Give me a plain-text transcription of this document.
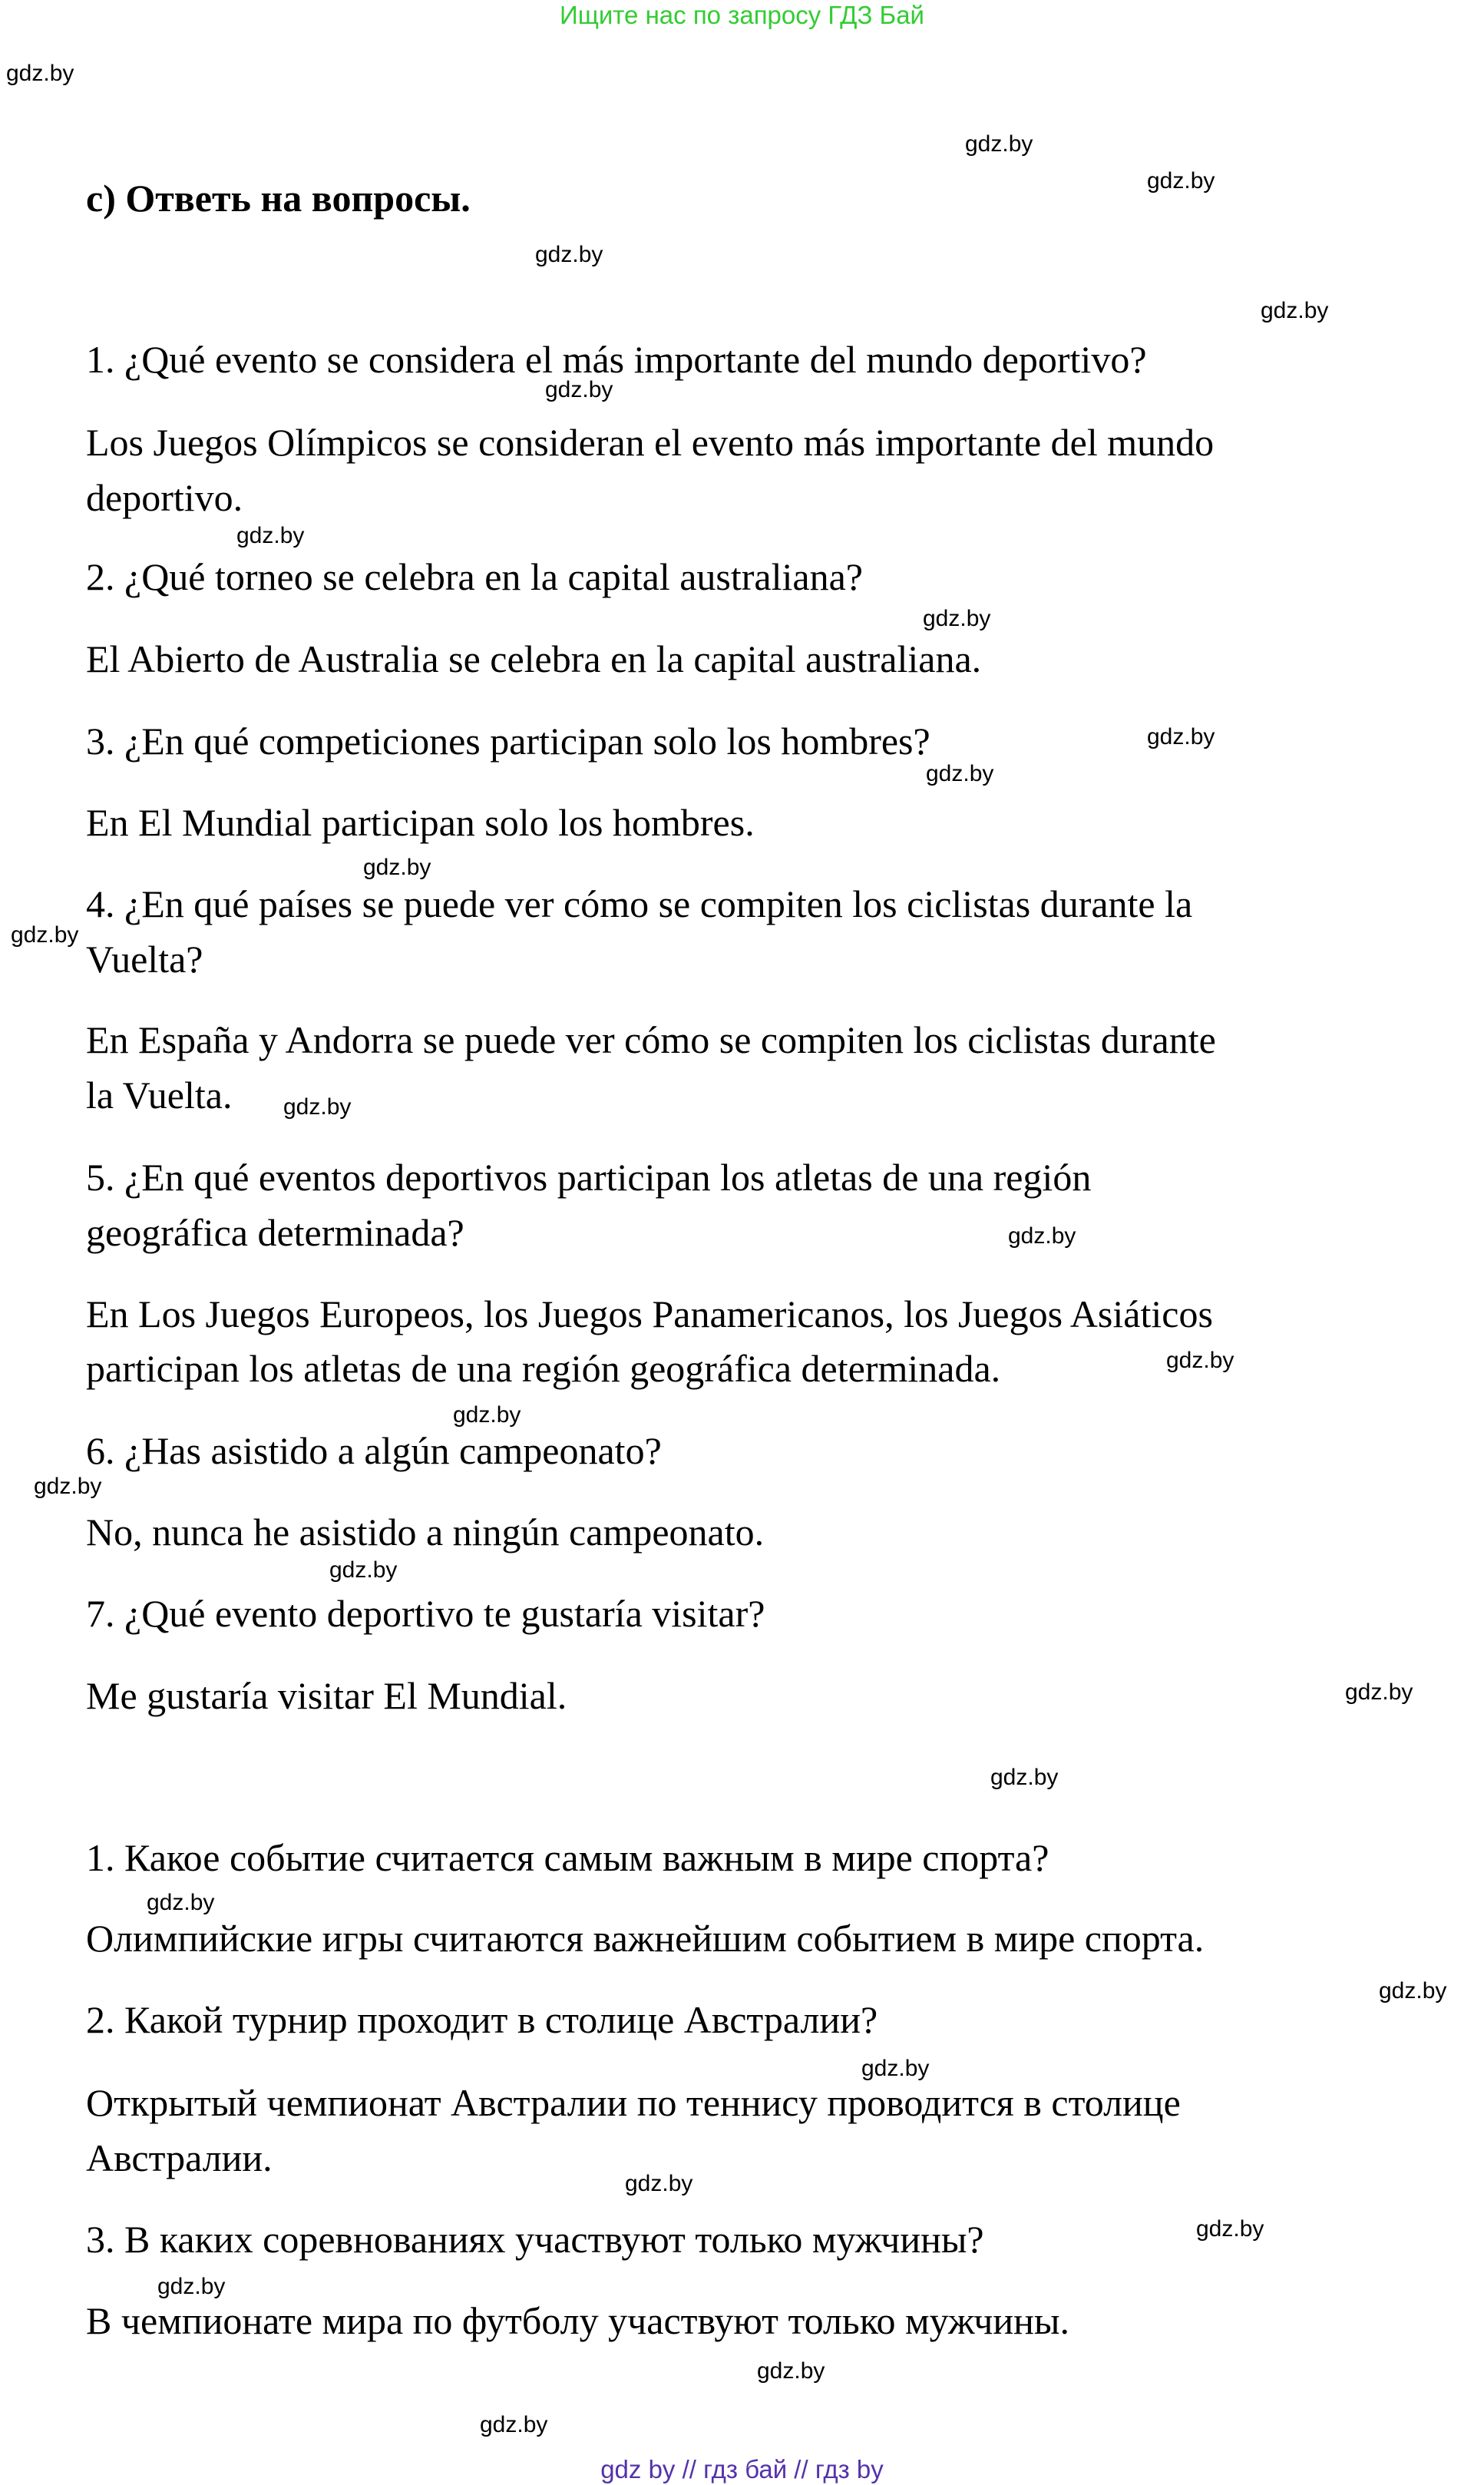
Ищите нас по запросу ГДЗ Бай
c) Ответь на вопросы.
1. ¿Qué evento se considera el más importante del mundo deportivo?
Los Juegos Olímpicos se consideran el evento más importante del mundo
deportivo.
2. ¿Qué torneo se celebra en la capital australiana?
El Abierto de Australia se celebra en la capital australiana.
3. ¿En qué competiciones participan solo los hombres?
En El Mundial participan solo los hombres.
4. ¿En qué países se puede ver cómo se compiten los ciclistas durante la
Vuelta?
En España y Andorra se puede ver cómo se compiten los ciclistas durante
la Vuelta.
5. ¿En qué eventos deportivos participan los atletas de una región
geográfica determinada?
En Los Juegos Europeos, los Juegos Panamericanos, los Juegos Asiáticos
participan los atletas de una región geográfica determinada.
6. ¿Has asistido a algún campeonato?
No, nunca he asistido a ningún campeonato.
7. ¿Qué evento deportivo te gustaría visitar?
Me gustaría visitar El Mundial.
1. Какое событие считается самым важным в мире спорта?
Олимпийские игры считаются важнейшим событием в мире спорта.
2. Какой турнир проходит в столице Австралии?
Открытый чемпионат Австралии по теннису проводится в столице
Австралии.
3. В каких соревнованиях участвуют только мужчины?
В чемпионате мира по футболу участвуют только мужчины.
gdz.by
gdz.by
gdz.by
gdz.by
gdz.by
gdz.by
gdz.by
gdz.by
gdz.by
gdz.by
gdz.by
gdz.by
gdz.by
gdz.by
gdz.by
gdz.by
gdz.by
gdz.by
gdz.by
gdz.by
gdz.by
gdz.by
gdz.by
gdz.by
gdz.by
gdz.by
gdz.by
gdz.by
gdz by // гдз бай // гдз by
